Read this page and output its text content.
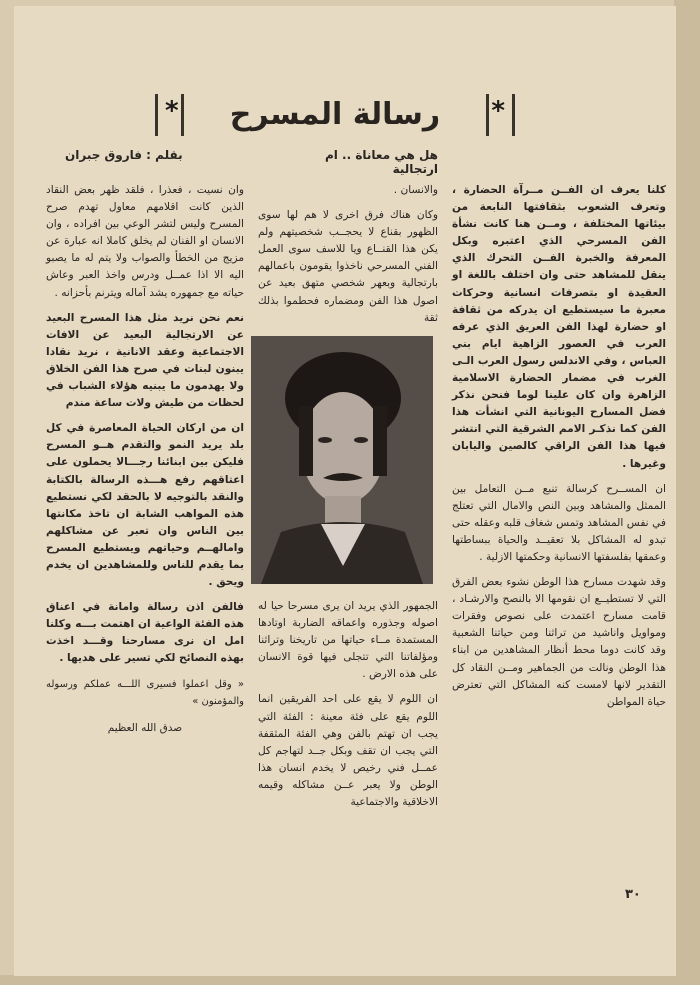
* رسالة المسرح *
هل هي معاناة .. ام ارتجالية
بقلم : فاروق جبران

كلنا يعرف ان الفــن مــرآة الحضارة ، وتعرف الشعوب بثقافتها النابعة من بيئاتها المختلفة ، ومــن هنا كانت نشأة الفن المسرحي الذي اعتبره وبكل المعرفة والخبرة الفــن التحرك الذي ينقل للمشاهد حتى وان اختلف باللغة او العقيدة او بتصرفات انسانية وحركات معبرة ما سيستطيع ان يدركه من ثقافة او حضارة لهذا الفن العريق الذي عرفه العرب في العصور الزاهية ايام بني العباس ، وفي الاندلس رسول العرب الـى الغرب في مضمار الحضارة الاسلامية الزاهرة وان كان علينا لوما فنحن نذكر فضل المسارح اليونانية التي انشأت هذا الفن كما نذكـر الامم الشرقية التي انتشر فيها هذا الفن الراقي كالصين واليابان وغيرها .

ان المســرح كرسالة تنبع مــن التعامل بين الممثل والمشاهد وبين النص والامال التي تعتلج في نفس المشاهد وتمس شغاف قلبه وعقله حتى تبدو له المشاكل بلا تعقيــد والحياة ببساطتها وعمقها بفلسفتها الانسانية وحكمتها الازلية .

وقد شهدت مسارح هذا الوطن نشوء بعض الفرق التي لا تستطيــع ان نقومها الا بالنصح والارشـاد ، قامت مسارح اعتمدت على نصوص وفقرات ومواويل واناشيد من تراثنا ومن حياتنا الشعبية وقد كانت دوما محط أنظار المشاهدين من ابناء هذا الوطن ونالت من الجماهير ومــن النقاد كل التقدير لانها لامست كنه المشاكل التي تعترض حياة المواطن

والانسان .

وكان هناك فرق اخرى لا هم لها سوى الظهور بقناع لا يحجــب شخصيتهم ولم يكن هذا القنــاع ويا للاسف سوى العمل الفني المسرحي ناخذوا يقومون باعمالهم بارتجالية وبعهر شخصي متهق بعيد عن اصول هذا الفن ومضماره فحطموا بذلك ثقة

الجمهور الذي يريد ان يرى مسرحا حيا له اصوله وجذوره واعماقه الضاربة اوتادها المستمدة مــاء حياتها من تاريخنا وتراثنا ومؤلفاتنا التي تتجلى فيها قوة الانسان على هذه الارض .

ان اللوم لا يقع على احد الفريقين انما اللوم يقع على فئة معينة : الفئة التي يجب ان تهتم بالفن وهي الفئة المثقفة التي يجب ان تقف وبكل جــد لتهاجم كل عمــل فني رخيص لا يخدم انسان هذا الوطن ولا يعبر عــن مشاكله وقيمه الاخلاقية والاجتماعية

وان نسيت ، فعذرا ، فلقد ظهر بعض النقاد الذين كانت اقلامهم معاول تهدم صرح المسرح وليس لتشر الوعي بين افراده ، وان الانسان او الفنان لم يخلق كاملا انه عبارة عن مزيج من الخطأ والصواب ولا يتم له ما يصبو اليه الا اذا عمــل ودرس واخذ العبر وعاش حياته مع جمهوره يشد آماله ويترنم بأحزانه .

نعم نحن نريد مثل هذا المسرح البعيد عن الارتجالية البعيد عن الافات الاجتماعية وعقد الانانية ، نريد نقادا يبنون لبنات في صرح هذا الفن الخلاق ولا يهدمون ما يبنيه هؤلاء الشباب في لحظات من طيش ولات ساعة مندم

ان من اركان الحياة المعاصرة في كل بلد يريد النمو والتقدم هــو المسرح فليكن بين ابنائنا رجـــالا يحملون على اعتاقهم رفع هـــذه الرسالة بالكتابة والنقد بالتوجيه لا بالحقد لكي نستطيع هذه المواهب الشابة ان تاخذ مكانتها بين الناس وان تعبر عن مشاكلهم وامالهــم وحياتهم ويستطيع المسرح بما يقدم للناس وللمشاهدين ان يخدم ويحق .

فالفن اذن رسالة وامانة في اعناق هذه الفئة الواعية ان اهتمت بـــه وكلنا امل ان نرى مسارحنا وقـــد اخذت بهذه النصائح لكي تسير على هديها .

« وقل اعملوا فسيرى اللـــه عملكم ورسوله والمؤمنون »
صدق الله العظيم
٣٠
